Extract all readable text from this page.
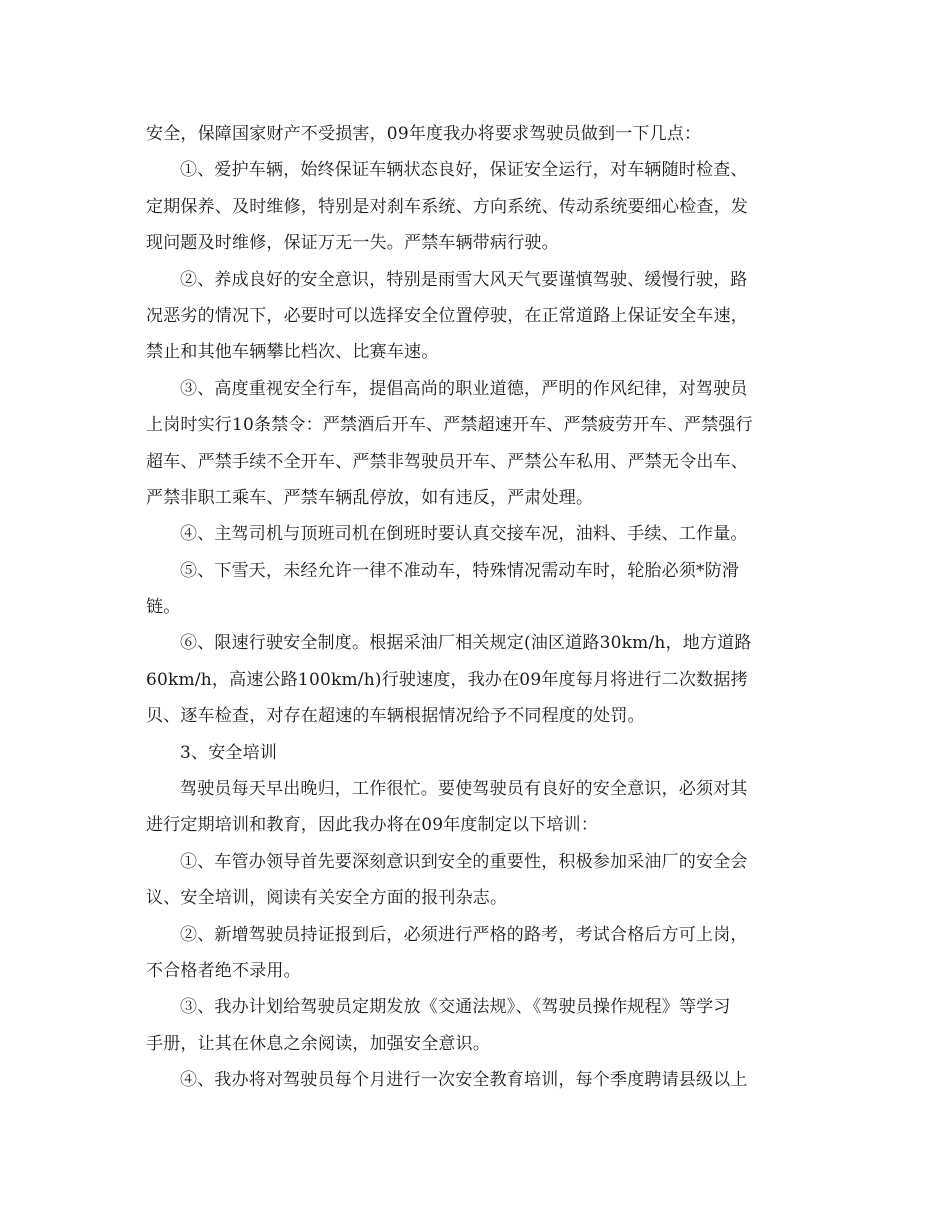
安全，保障国家财产不受损害，09年度我办将要求驾驶员做到一下几点：
①、爱护车辆，始终保证车辆状态良好，保证安全运行，对车辆随时检查、
定期保养、及时维修，特别是对刹车系统、方向系统、传动系统要细心检查，发
现问题及时维修，保证万无一失。严禁车辆带病行驶。
②、养成良好的安全意识，特别是雨雪大风天气要谨慎驾驶、缓慢行驶，路
况恶劣的情况下，必要时可以选择安全位置停驶，在正常道路上保证安全车速，
禁止和其他车辆攀比档次、比赛车速。
③、高度重视安全行车，提倡高尚的职业道德，严明的作风纪律，对驾驶员
上岗时实行10条禁令：严禁酒后开车、严禁超速开车、严禁疲劳开车、严禁强行
超车、严禁手续不全开车、严禁非驾驶员开车、严禁公车私用、严禁无令出车、
严禁非职工乘车、严禁车辆乱停放，如有违反，严肃处理。
④、主驾司机与顶班司机在倒班时要认真交接车况，油料、手续、工作量。
⑤、下雪天，未经允许一律不准动车，特殊情况需动车时，轮胎必须*防滑
链。
⑥、限速行驶安全制度。根据采油厂相关规定(油区道路30km/h，地方道路
60km/h，高速公路100km/h)行驶速度，我办在09年度每月将进行二次数据拷
贝、逐车检查，对存在超速的车辆根据情况给予不同程度的处罚。
3、安全培训
驾驶员每天早出晚归，工作很忙。要使驾驶员有良好的安全意识，必须对其
进行定期培训和教育，因此我办将在09年度制定以下培训：
①、车管办领导首先要深刻意识到安全的重要性，积极参加采油厂的安全会
议、安全培训，阅读有关安全方面的报刊杂志。
②、新增驾驶员持证报到后，必须进行严格的路考，考试合格后方可上岗，
不合格者绝不录用。
③、我办计划给驾驶员定期发放《交通法规》、《驾驶员操作规程》等学习
手册，让其在休息之余阅读，加强安全意识。
④、我办将对驾驶员每个月进行一次安全教育培训，每个季度聘请县级以上
